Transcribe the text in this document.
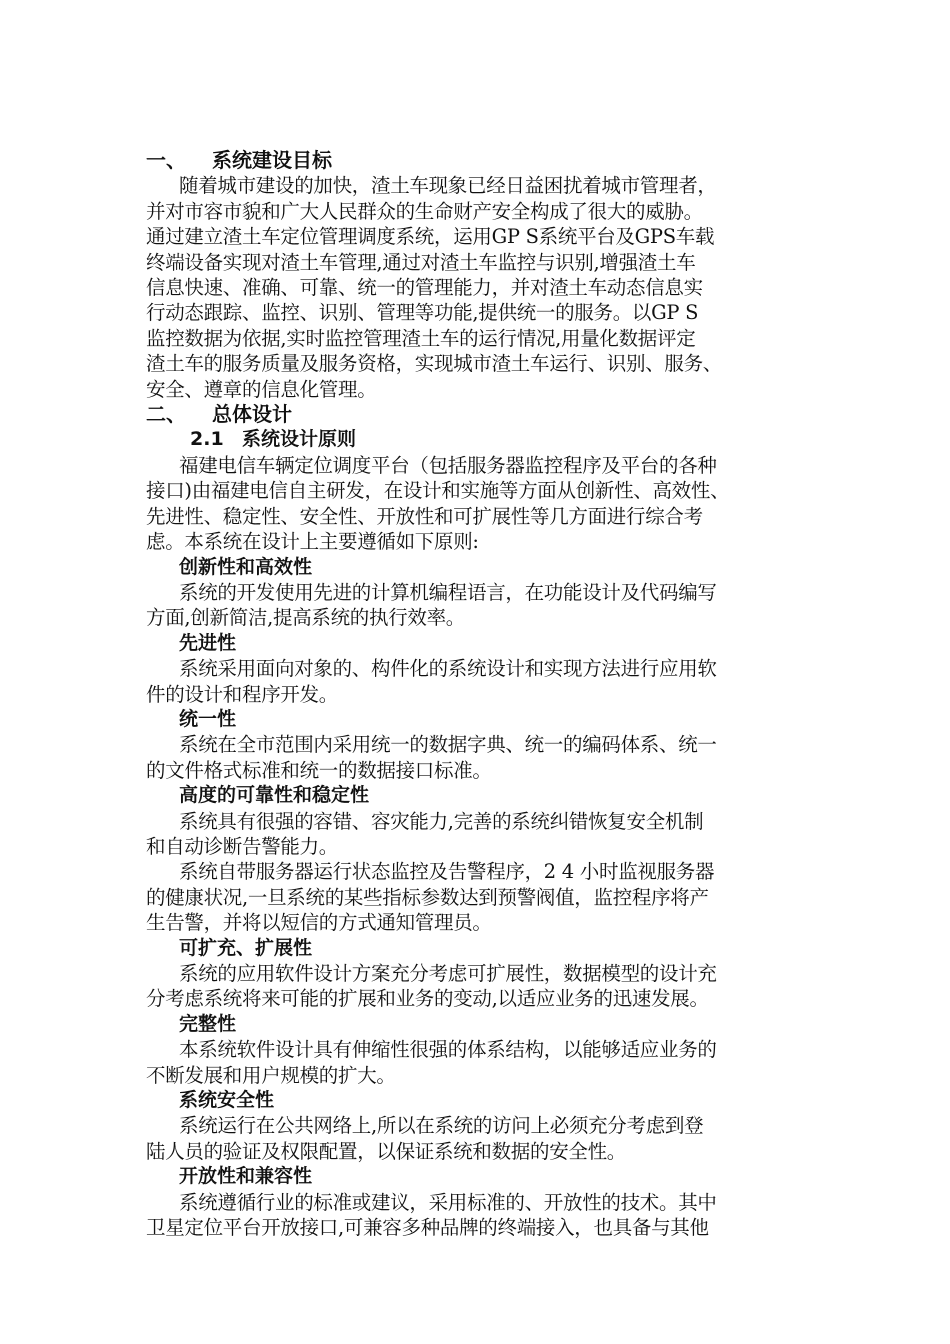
一、 系统建设目标
随着城市建设的加快，渣土车现象已经日益困扰着城市管理者，
并对市容市貌和广大人民群众的生命财产安全构成了很大的威胁。
通过建立渣土车定位管理调度系统，运用GP S系统平台及GPS车载
终端设备实现对渣土车管理,通过对渣土车监控与识别,增强渣土车
信息快速、准确、可靠、统一的管理能力，并对渣土车动态信息实
行动态跟踪、监控、识别、管理等功能,提供统一的服务。以GP S
监控数据为依据,实时监控管理渣土车的运行情况,用量化数据评定
渣土车的服务质量及服务资格，实现城市渣土车运行、识别、服务、
安全、遵章的信息化管理。
二、 总体设计
2.1 系统设计原则
福建电信车辆定位调度平台（包括服务器监控程序及平台的各种
接口)由福建电信自主研发，在设计和实施等方面从创新性、高效性、
先进性、稳定性、安全性、开放性和可扩展性等几方面进行综合考
虑。本系统在设计上主要遵循如下原则:
创新性和高效性
系统的开发使用先进的计算机编程语言，在功能设计及代码编写
方面,创新简洁,提高系统的执行效率。
先进性
系统采用面向对象的、构件化的系统设计和实现方法进行应用软
件的设计和程序开发。
统一性
系统在全市范围内采用统一的数据字典、统一的编码体系、统一
的文件格式标准和统一的数据接口标准。
高度的可靠性和稳定性
系统具有很强的容错、容灾能力,完善的系统纠错恢复安全机制
和自动诊断告警能力。
系统自带服务器运行状态监控及告警程序，2 4 小时监视服务器
的健康状况,一旦系统的某些指标参数达到预警阀值，监控程序将产
生告警，并将以短信的方式通知管理员。
可扩充、扩展性
系统的应用软件设计方案充分考虑可扩展性，数据模型的设计充
分考虑系统将来可能的扩展和业务的变动,以适应业务的迅速发展。
完整性
本系统软件设计具有伸缩性很强的体系结构，以能够适应业务的
不断发展和用户规模的扩大。
系统安全性
系统运行在公共网络上,所以在系统的访问上必须充分考虑到登
陆人员的验证及权限配置，以保证系统和数据的安全性。
开放性和兼容性
系统遵循行业的标准或建议，采用标准的、开放性的技术。其中
卫星定位平台开放接口,可兼容多种品牌的终端接入，也具备与其他
